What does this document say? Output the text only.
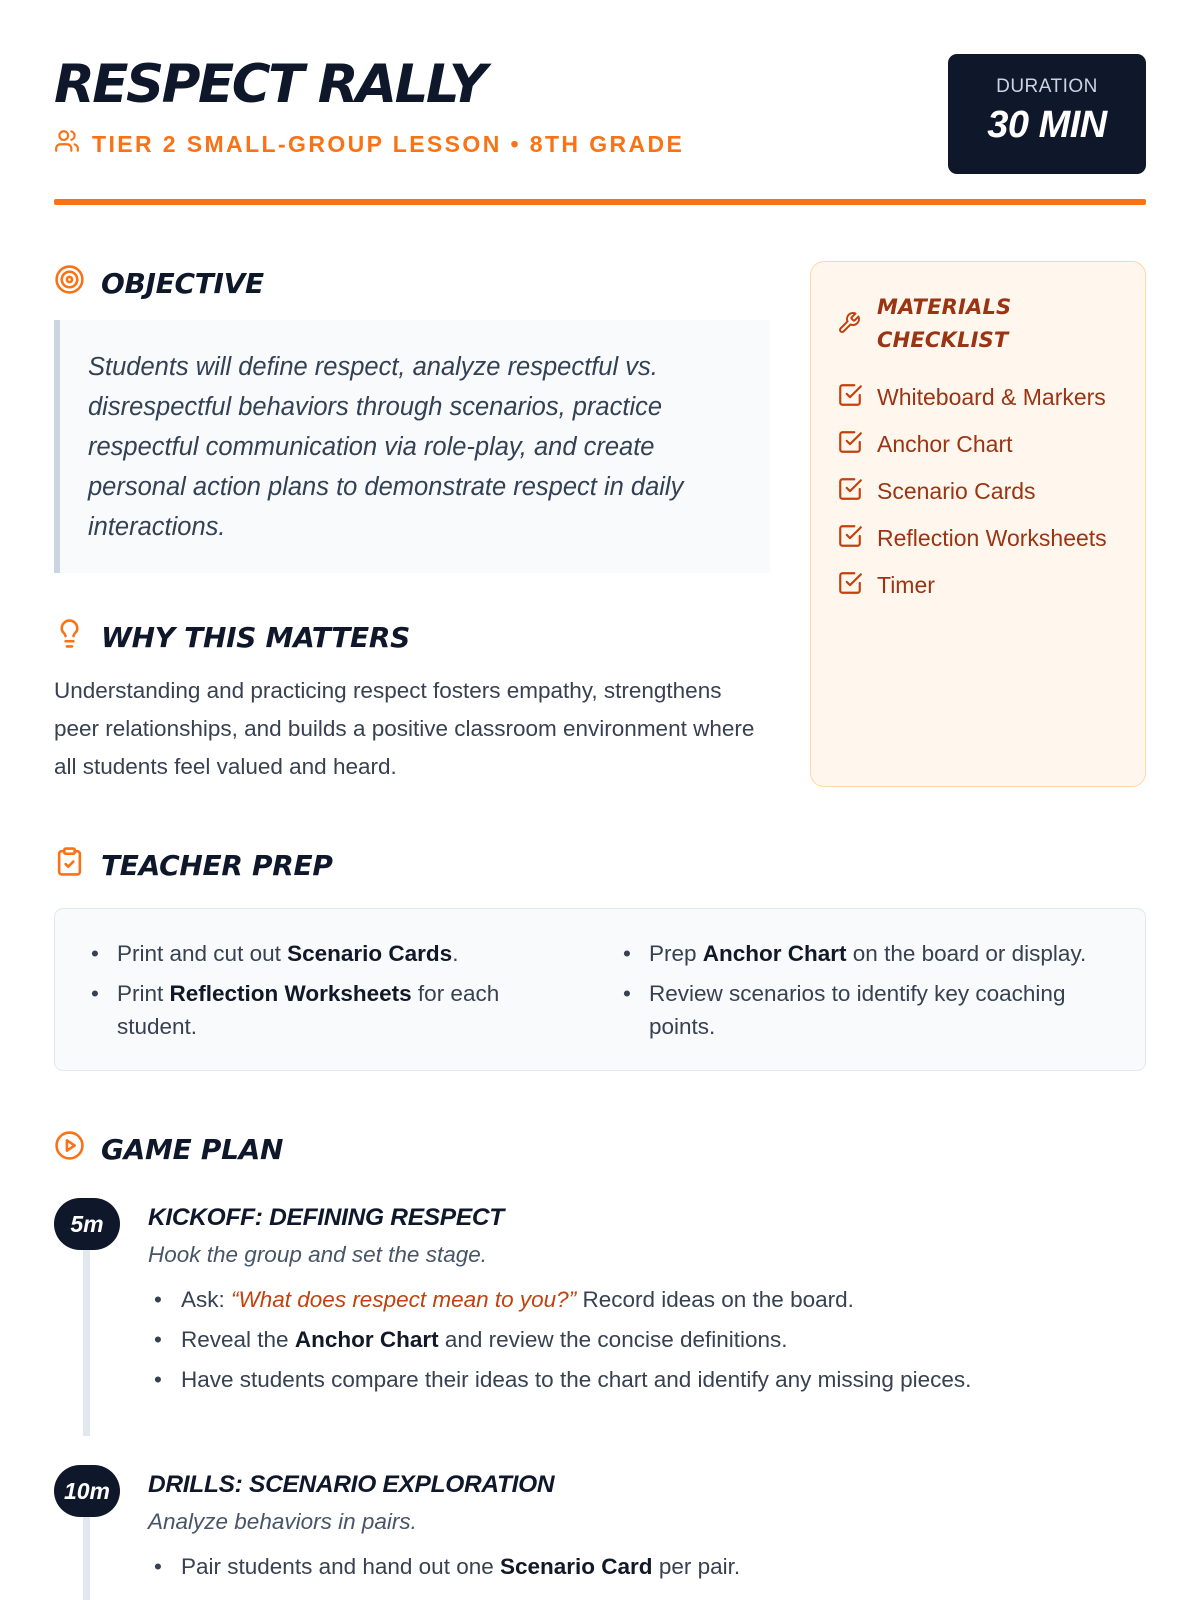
RESPECT RALLY
TIER 2 SMALL-GROUP LESSON • 8TH GRADE
DURATION
30 MIN
OBJECTIVE
Students will define respect, analyze respectful vs. disrespectful behaviors through scenarios, practice respectful communication via role-play, and create personal action plans to demonstrate respect in daily interactions.
WHY THIS MATTERS
Understanding and practicing respect fosters empathy, strengthens peer relationships, and builds a positive classroom environment where all students feel valued and heard.
MATERIALS
CHECKLIST
Whiteboard & Markers
Anchor Chart
Scenario Cards
Reflection Worksheets
Timer
TEACHER PREP
• Print and cut out Scenario Cards.
• Print Reflection Worksheets for each student.
• Prep Anchor Chart on the board or display.
• Review scenarios to identify key coaching points.
GAME PLAN
5m	KICKOFF: DEFINING RESPECT
Hook the group and set the stage.
• Ask: “What does respect mean to you?” Record ideas on the board.
• Reveal the Anchor Chart and review the concise definitions.
• Have students compare their ideas to the chart and identify any missing pieces.
10m	DRILLS: SCENARIO EXPLORATION
Analyze behaviors in pairs.
• Pair students and hand out one Scenario Card per pair.
